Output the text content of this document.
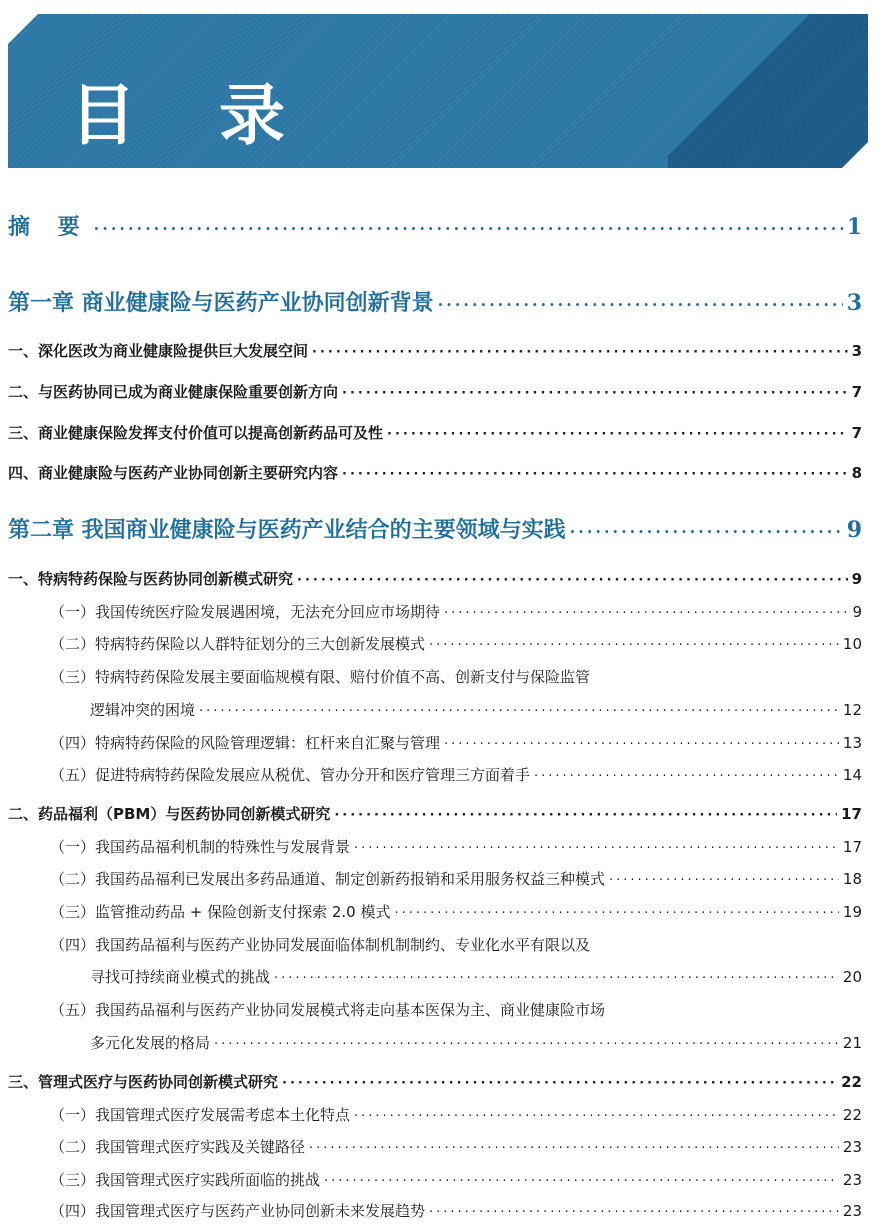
目 录
摘 要 ·····	1
第一章 商业健康险与医药产业协同创新背景 ·····	3
一、深化医改为商业健康险提供巨大发展空间 ·····	3
二、与医药协同已成为商业健康保险重要创新方向 ·····	7
三、商业健康保险发挥支付价值可以提高创新药品可及性 ·····	7
四、商业健康险与医药产业协同创新主要研究内容 ·····	8
第二章 我国商业健康险与医药产业结合的主要领域与实践 ·····	9
一、特病特药保险与医药协同创新模式研究 ·····	9
（一）我国传统医疗险发展遇困境，无法充分回应市场期待 ·····	9
（二）特病特药保险以人群特征划分的三大创新发展模式 ·····	10
（三）特病特药保险发展主要面临规模有限、赔付价值不高、创新支付与保险监管
逻辑冲突的困境 ·····	12
（四）特病特药保险的风险管理逻辑：杠杆来自汇聚与管理 ·····	13
（五）促进特病特药保险发展应从税优、管办分开和医疗管理三方面着手 ·····	14
二、药品福利（PBM）与医药协同创新模式研究 ·····	17
（一）我国药品福利机制的特殊性与发展背景 ·····	17
（二）我国药品福利已发展出多药品通道、制定创新药报销和采用服务权益三种模式 ·····	18
（三）监管推动药品 + 保险创新支付探索 2.0 模式 ·····	19
（四）我国药品福利与医药产业协同发展面临体制机制制约、专业化水平有限以及
寻找可持续商业模式的挑战 ·····	20
（五）我国药品福利与医药产业协同发展模式将走向基本医保为主、商业健康险市场
多元化发展的格局 ·····	21
三、管理式医疗与医药协同创新模式研究 ·····	22
（一）我国管理式医疗发展需考虑本土化特点 ·····	22
（二）我国管理式医疗实践及关键路径 ·····	23
（三）我国管理式医疗实践所面临的挑战 ·····	23
（四）我国管理式医疗与医药产业协同创新未来发展趋势 ·····	23
